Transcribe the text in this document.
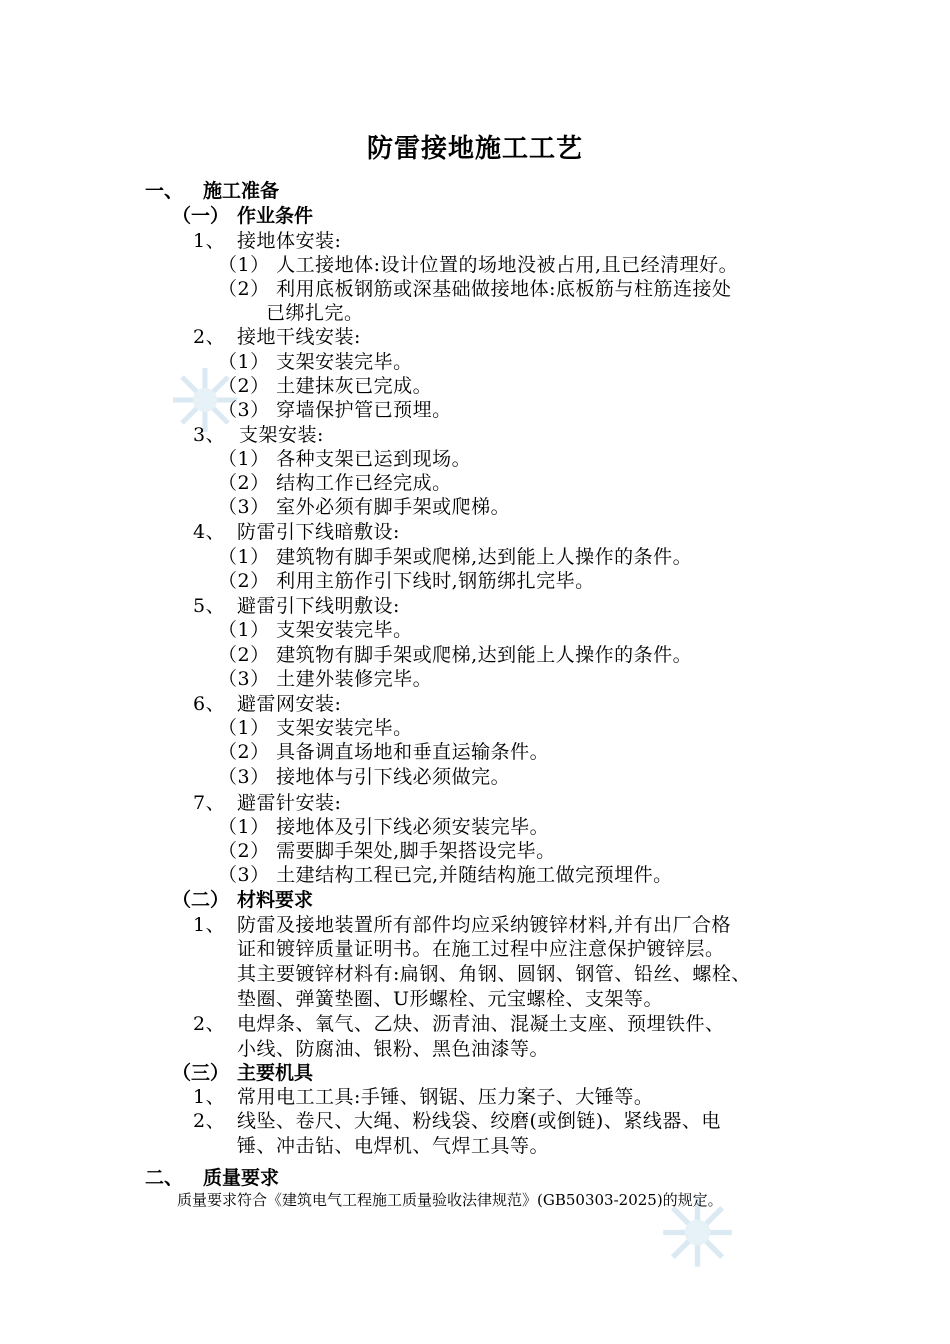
防雷接地施工工艺
一、 施工准备
（一） 作业条件
1、 接地体安装:
（1） 人工接地体:设计位置的场地没被占用,且已经清理好。
（2） 利用底板钢筋或深基础做接地体:底板筋与柱筋连接处
已绑扎完。
2、 接地干线安装:
（1） 支架安装完毕。
（2） 土建抹灰已完成。
（3） 穿墙保护管已预埋。
3、 支架安装:
（1） 各种支架已运到现场。
（2） 结构工作已经完成。
（3） 室外必须有脚手架或爬梯。
4、 防雷引下线暗敷设:
（1） 建筑物有脚手架或爬梯,达到能上人操作的条件。
（2） 利用主筋作引下线时,钢筋绑扎完毕。
5、 避雷引下线明敷设:
（1） 支架安装完毕。
（2） 建筑物有脚手架或爬梯,达到能上人操作的条件。
（3） 土建外装修完毕。
6、 避雷网安装:
（1） 支架安装完毕。
（2） 具备调直场地和垂直运输条件。
（3） 接地体与引下线必须做完。
7、 避雷针安装:
（1） 接地体及引下线必须安装完毕。
（2） 需要脚手架处,脚手架搭设完毕。
（3） 土建结构工程已完,并随结构施工做完预埋件。
（二） 材料要求
1、 防雷及接地装置所有部件均应采纳镀锌材料,并有出厂合格
证和镀锌质量证明书。在施工过程中应注意保护镀锌层。
其主要镀锌材料有:扁钢、角钢、圆钢、钢管、铅丝、螺栓、
垫圈、弹簧垫圈、U形螺栓、元宝螺栓、支架等。
2、 电焊条、氧气、乙炔、沥青油、混凝土支座、预埋铁件、
小线、防腐油、银粉、黑色油漆等。
（三） 主要机具
1、 常用电工工具:手锤、钢锯、压力案子、大锤等。
2、 线坠、卷尺、大绳、粉线袋、绞磨(或倒链)、紧线器、电
锤、冲击钻、电焊机、气焊工具等。
二、 质量要求
质量要求符合《建筑电气工程施工质量验收法律规范》(GB50303-2025)的规定。
